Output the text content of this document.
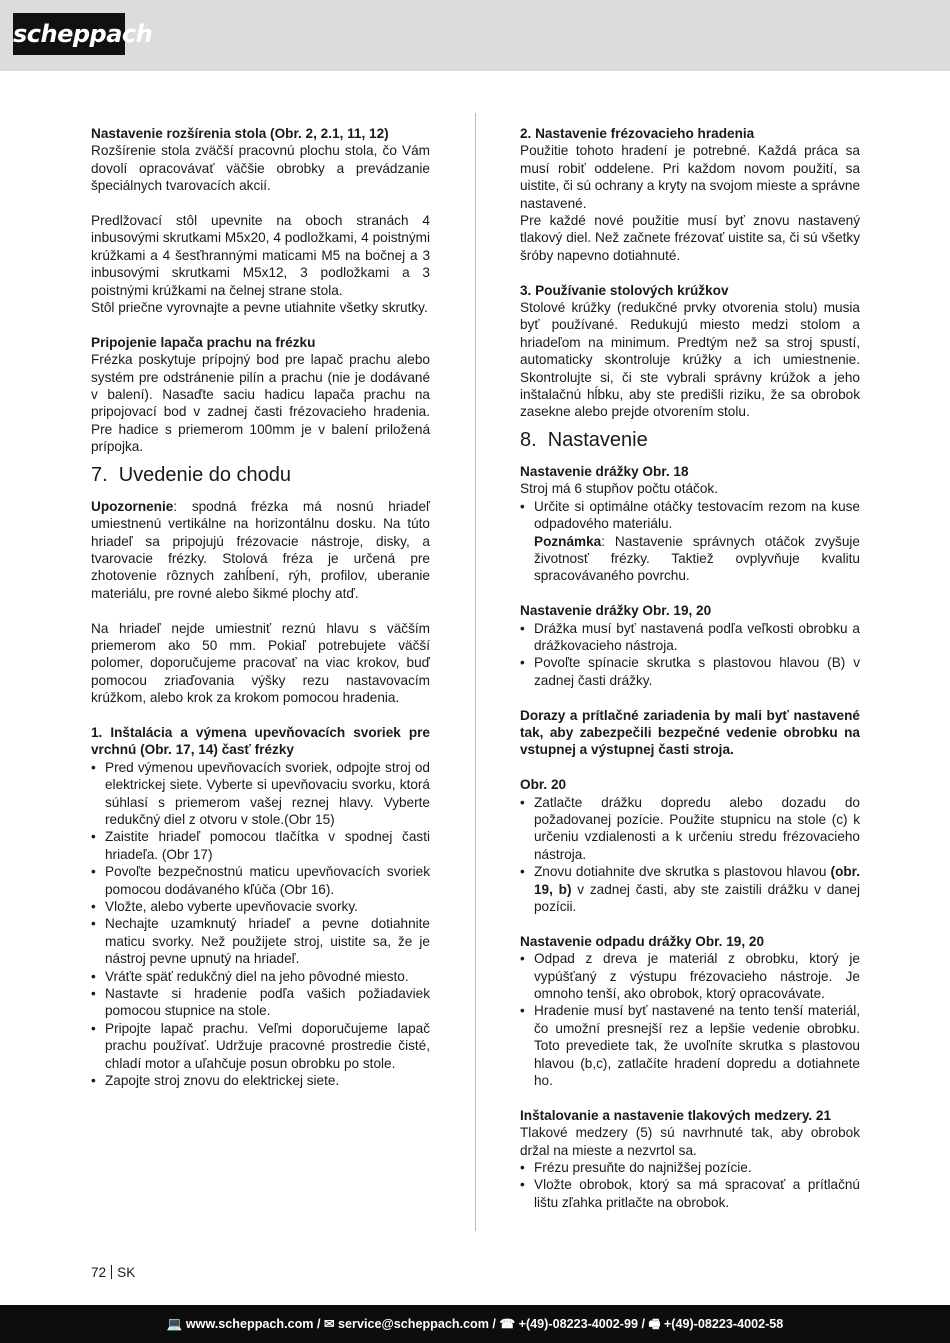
scheppach

Nastavenie rozšírenia stola (Obr. 2, 2.1, 11, 12)

Rozšírenie stola zväčší pracovnú plochu stola, čo Vám dovolí opracovávať väčšie obrobky a prevádzanie špeciálnych tvarovacích akcií.

Predlžovací stôl upevnite na oboch stranách 4 inbusovými skrutkami M5x20, 4 podložkami, 4 poistnými krúžkami a 4 šesťhrannými maticami M5 na bočnej a 3 inbusovými skrutkami M5x12, 3 podložkami a 3 poistnými krúžkami na čelnej strane stola.

Stôl priečne vyrovnajte a pevne utiahnite všetky skrutky.

Pripojenie lapača prachu na frézku

Frézka poskytuje prípojný bod pre lapač prachu alebo systém pre odstránenie pilín a prachu (nie je dodávané v balení). Nasaďte saciu hadicu lapača prachu na pripojovací bod v zadnej časti frézovacieho hradenia. Pre hadice s priemerom 100mm je v balení priložená prípojka.

7. Uvedenie do chodu

Upozornenie: spodná frézka má nosnú hriadeľ umiestnenú vertikálne na horizontálnu dosku. Na túto hriadeľ sa pripojujú frézovacie nástroje, disky, a tvarovacie frézky. Stolová fréza je určená pre zhotovenie rôznych zahĺbení, rýh, profilov, uberanie materiálu, pre rovné alebo šikmé plochy atď.

Na hriadeľ nejde umiestniť reznú hlavu s väčším priemerom ako 50 mm. Pokiaľ potrebujete väčší polomer, doporučujeme pracovať na viac krokov, buď pomocou zriaďovania výšky rezu nastavovacím krúžkom, alebo krok za krokom pomocou hradenia.

1. Inštalácia a výmena upevňovacích svoriek pre vrchnú (Obr. 17, 14) časť frézky

• Pred výmenou upevňovacích svoriek, odpojte stroj od elektrickej siete. Vyberte si upevňovaciu svorku, ktorá súhlasí s priemerom vašej reznej hlavy. Vyberte redukčný diel z otvoru v stole.(Obr 15)
• Zaistite hriadeľ pomocou tlačítka v spodnej časti hriadeľa. (Obr 17)
• Povoľte bezpečnostnú maticu upevňovacích svoriek pomocou dodávaného kľúča (Obr 16).
• Vložte, alebo vyberte upevňovacie svorky.
• Nechajte uzamknutý hriadeľ a pevne dotiahnite maticu svorky. Než použijete stroj, uistite sa, že je nástroj pevne upnutý na hriadeľ.
• Vráťte späť redukčný diel na jeho pôvodné miesto.
• Nastavte si hradenie podľa vašich požiadaviek pomocou stupnice na stole.
• Pripojte lapač prachu. Veľmi doporučujeme lapač prachu používať. Udržuje pracovné prostredie čisté, chladí motor a uľahčuje posun obrobku po stole.
• Zapojte stroj znovu do elektrickej siete.

2. Nastavenie frézovacieho hradenia

Použitie tohoto hradení je potrebné. Každá práca sa musí robiť oddelene. Pri každom novom použití, sa uistite, či sú ochrany a kryty na svojom mieste a správne nastavené.

Pre každé nové použitie musí byť znovu nastavený tlakový diel. Než začnete frézovať uistite sa, či sú všetky šróby napevno dotiahnuté.

3. Používanie stolových krúžkov

Stolové krúžky (redukčné prvky otvorenia stolu) musia byť používané. Redukujú miesto medzi stolom a hriadeľom na minimum. Predtým než sa stroj spustí, automaticky skontroluje krúžky a ich umiestnenie. Skontrolujte si, či ste vybrali správny krúžok a jeho inštalačnú hĺbku, aby ste predišli riziku, že sa obrobok zasekne alebo prejde otvorením stolu.

8. Nastavenie

Nastavenie drážky Obr. 18

Stroj má 6 stupňov počtu otáčok.

• Určite si optimálne otáčky testovacím rezom na kuse odpadového materiálu.
Poznámka: Nastavenie správnych otáčok zvyšuje životnosť frézky. Taktiež ovplyvňuje kvalitu spracovávaného povrchu.

Nastavenie drážky Obr. 19, 20

• Drážka musí byť nastavená podľa veľkosti obrobku a drážkovacieho nástroja.
• Povoľte spínacie skrutka s plastovou hlavou (B) v zadnej časti drážky.

Dorazy a prítlačné zariadenia by mali byť nastavené tak, aby zabezpečili bezpečné vedenie obrobku na vstupnej a výstupnej časti stroja.

Obr. 20

• Zatlačte drážku dopredu alebo dozadu do požadovanej pozície. Použite stupnicu na stole (c) k určeniu vzdialenosti a k určeniu stredu frézovacieho nástroja.
• Znovu dotiahnite dve skrutka s plastovou hlavou (obr. 19, b) v zadnej časti, aby ste zaistili drážku v danej pozícii.

Nastavenie odpadu drážky Obr. 19, 20

• Odpad z dreva je materiál z obrobku, ktorý je vypúšťaný z výstupu frézovacieho nástroje. Je omnoho tenší, ako obrobok, ktorý opracovávate.
• Hradenie musí byť nastavené na tento tenší materiál, čo umožní presnejší rez a lepšie vedenie obrobku. Toto prevediete tak, že uvoľníte skrutka s plastovou hlavou (b,c), zatlačíte hradení dopredu a dotiahnete ho.

Inštalovanie a nastavenie tlakových medzery. 21

Tlakové medzery (5) sú navrhnuté tak, aby obrobok držal na mieste a nezvrtol sa.

• Frézu presuňte do najnižšej pozície.
• Vložte obrobok, ktorý sa má spracovať a prítlačnú lištu zľahka pritlačte na obrobok.
72 SK
💻 www.scheppach.com / ✉ service@scheppach.com / ☎ +(49)-08223-4002-99 / 🖷 +(49)-08223-4002-58
